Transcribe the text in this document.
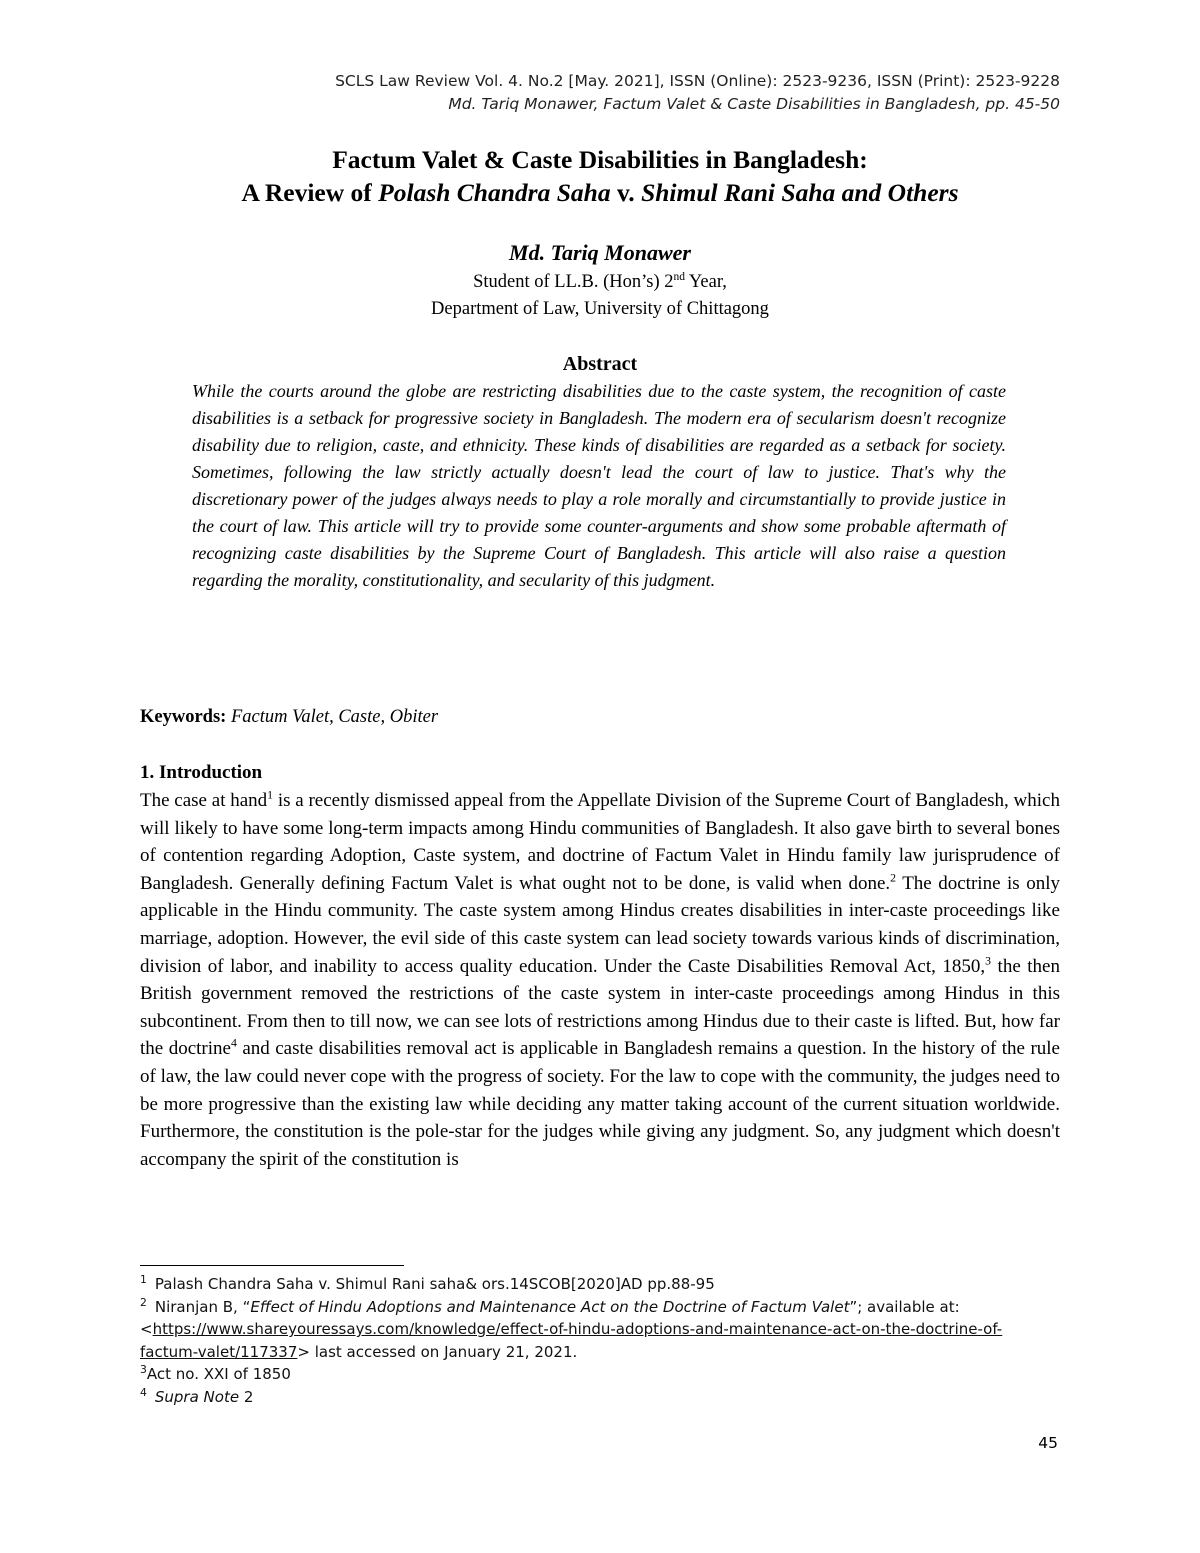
SCLS Law Review Vol. 4. No.2 [May. 2021], ISSN (Online): 2523-9236, ISSN (Print): 2523-9228
Md. Tariq Monawer, Factum Valet & Caste Disabilities in Bangladesh, pp. 45-50
Factum Valet & Caste Disabilities in Bangladesh:
A Review of Polash Chandra Saha v. Shimul Rani Saha and Others
Md. Tariq Monawer
Student of LL.B. (Hon’s) 2nd Year,
Department of Law, University of Chittagong
Abstract

While the courts around the globe are restricting disabilities due to the caste system, the recognition of caste disabilities is a setback for progressive society in Bangladesh. The modern era of secularism doesn't recognize disability due to religion, caste, and ethnicity. These kinds of disabilities are regarded as a setback for society. Sometimes, following the law strictly actually doesn't lead the court of law to justice. That's why the discretionary power of the judges always needs to play a role morally and circumstantially to provide justice in the court of law. This article will try to provide some counter-arguments and show some probable aftermath of recognizing caste disabilities by the Supreme Court of Bangladesh. This article will also raise a question regarding the morality, constitutionality, and secularity of this judgment.

Keywords: Factum Valet, Caste, Obiter
1. Introduction

The case at hand$^1$ is a recently dismissed appeal from the Appellate Division of the Supreme Court of Bangladesh, which will likely to have some long-term impacts among Hindu communities of Bangladesh. It also gave birth to several bones of contention regarding Adoption, Caste system, and doctrine of Factum Valet in Hindu family law jurisprudence of Bangladesh. Generally defining Factum Valet is what ought not to be done, is valid when done.$^2$ The doctrine is only applicable in the Hindu community. The caste system among Hindus creates disabilities in inter-caste proceedings like marriage, adoption. However, the evil side of this caste system can lead society towards various kinds of discrimination, division of labor, and inability to access quality education. Under the Caste Disabilities Removal Act, 1850,$^3$ the then British government removed the restrictions of the caste system in inter-caste proceedings among Hindus in this subcontinent. From then to till now, we can see lots of restrictions among Hindus due to their caste is lifted. But, how far the doctrine$^4$ and caste disabilities removal act is applicable in Bangladesh remains a question. In the history of the rule of law, the law could never cope with the progress of society. For the law to cope with the community, the judges need to be more progressive than the existing law while deciding any matter taking account of the current situation worldwide. Furthermore, the constitution is the pole-star for the judges while giving any judgment. So, any judgment which doesn't accompany the spirit of the constitution is

$^1$ Palash Chandra Saha v. Shimul Rani saha& ors.14SCOB[2020]AD pp.88-95

$^2$ Niranjan B, “Effect of Hindu Adoptions and Maintenance Act on the Doctrine of Factum Valet”; available at: <https://www.shareyouressays.com/knowledge/effect-of-hindu-adoptions-and-maintenance-act-on-the-doctrine-of-factum-valet/117337> last accessed on January 21, 2021.

$^3$Act no. XXI of 1850

$^4$ Supra Note 2

45
